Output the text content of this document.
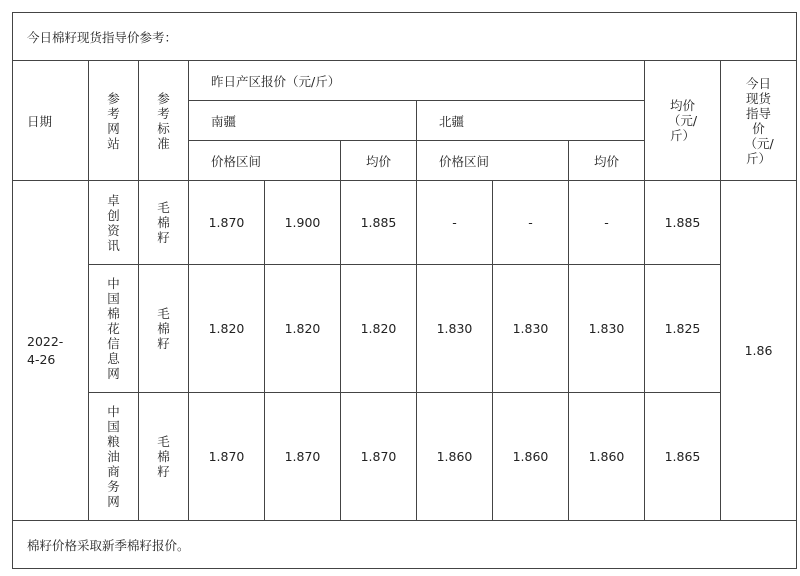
今日棉籽现货指导价参考：										
日期	参考网站	参考标准	昨日产区报价（元/斤）						均价（元/斤）	今日现货指导价（元/斤）
			南疆			北疆				
			价格区间		均价	价格区间		均价		
2022-4-26	卓创资讯	毛棉籽	1.870	1.900	1.885	-	-	-	1.885	1.86
	中国棉花信息网	毛棉籽	1.820	1.820	1.820	1.830	1.830	1.830	1.825	
	中国粮油商务网	毛棉籽	1.870	1.870	1.870	1.860	1.860	1.860	1.865	
棉籽价格采取新季棉籽报价。										
